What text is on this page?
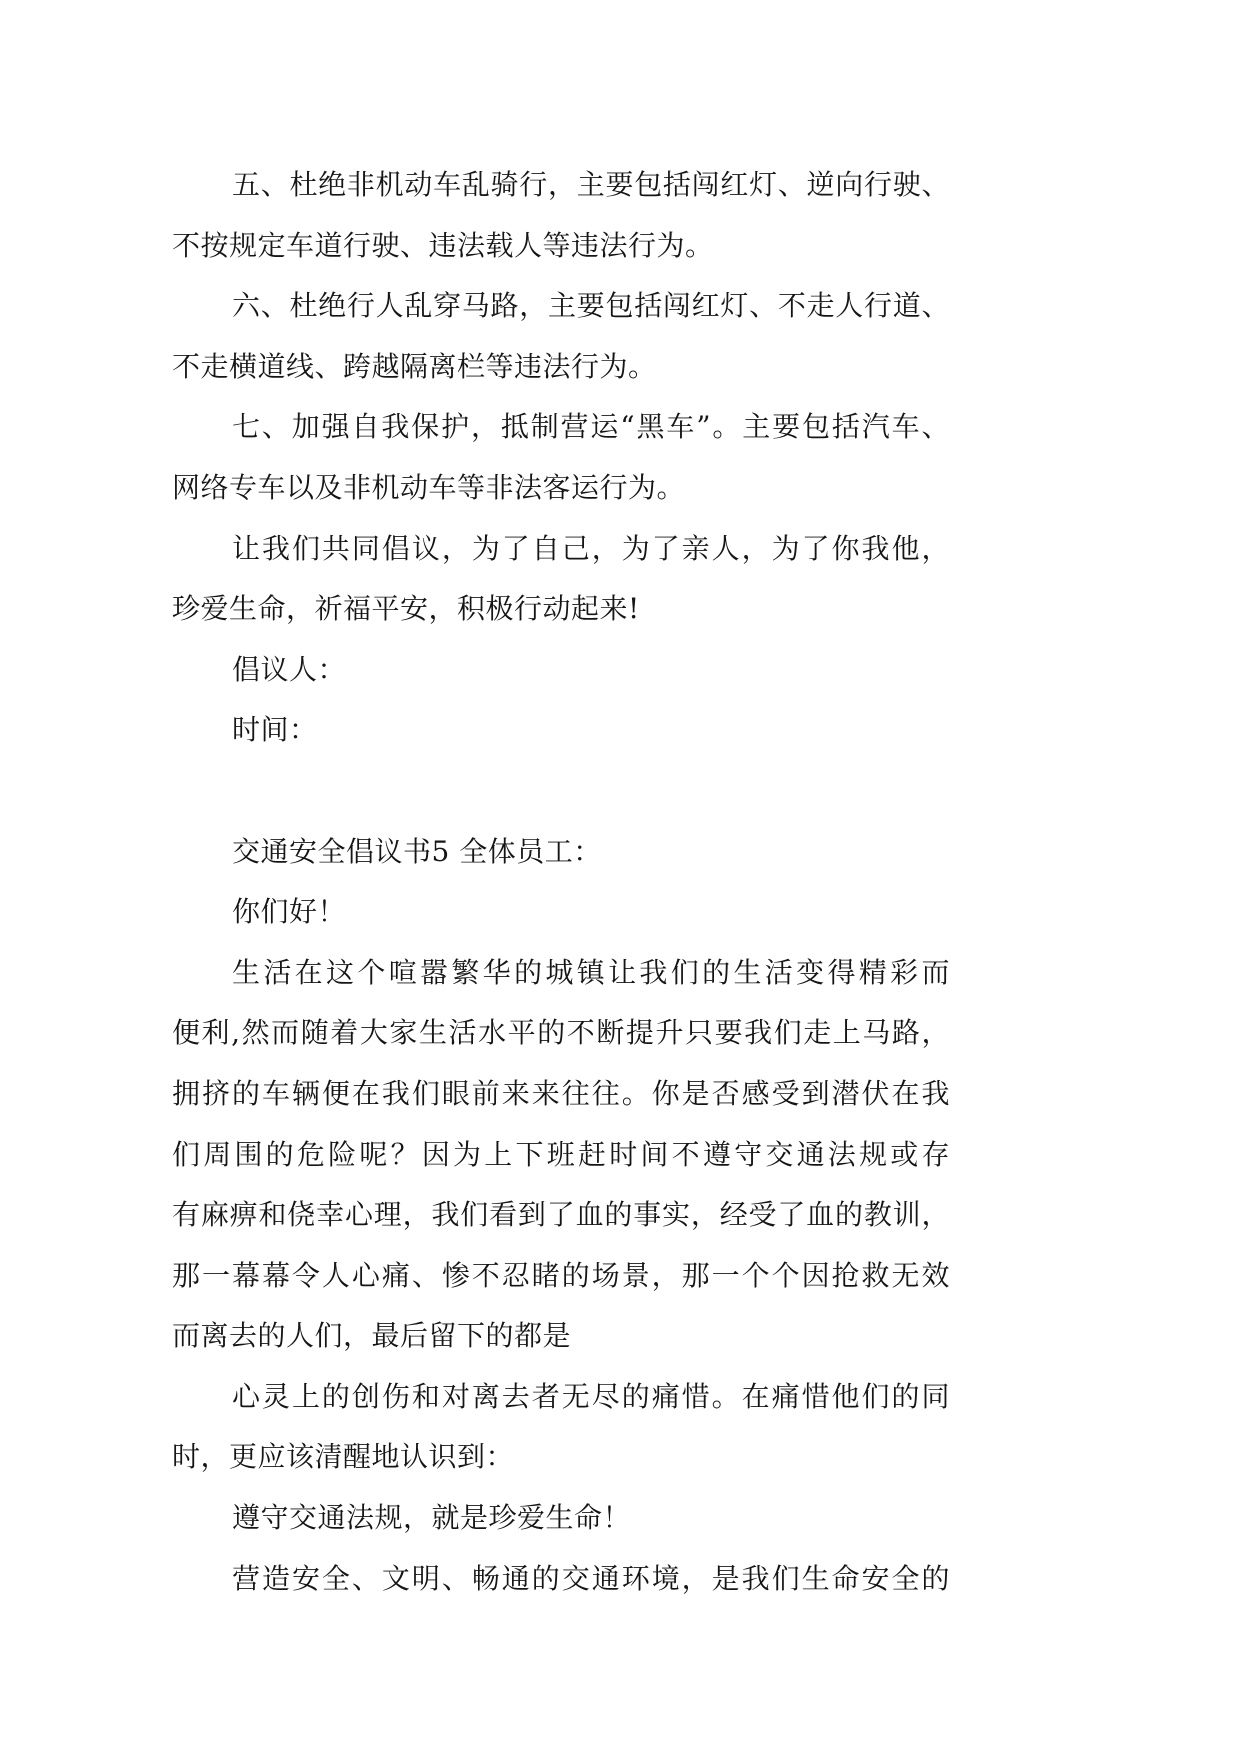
五、杜绝非机动车乱骑行，主要包括闯红灯、逆向行驶、
不按规定车道行驶、违法载人等违法行为。
六、杜绝行人乱穿马路，主要包括闯红灯、不走人行道、
不走横道线、跨越隔离栏等违法行为。
七、加强自我保护，抵制营运“黑车”。主要包括汽车、
网络专车以及非机动车等非法客运行为。
让我们共同倡议，为了自己，为了亲人，为了你我他，
珍爱生命，祈福平安，积极行动起来!
倡议人：
时间：
交通安全倡议书5 全体员工：
你们好！
生活在这个喧嚣繁华的城镇让我们的生活变得精彩而
便利,然而随着大家生活水平的不断提升只要我们走上马路，
拥挤的车辆便在我们眼前来来往往。你是否感受到潜伏在我
们周围的危险呢？因为上下班赶时间不遵守交通法规或存
有麻痹和侥幸心理，我们看到了血的事实，经受了血的教训，
那一幕幕令人心痛、惨不忍睹的场景，那一个个因抢救无效
而离去的人们，最后留下的都是
心灵上的创伤和对离去者无尽的痛惜。在痛惜他们的同
时，更应该清醒地认识到：
遵守交通法规，就是珍爱生命！
营造安全、文明、畅通的交通环境，是我们生命安全的
